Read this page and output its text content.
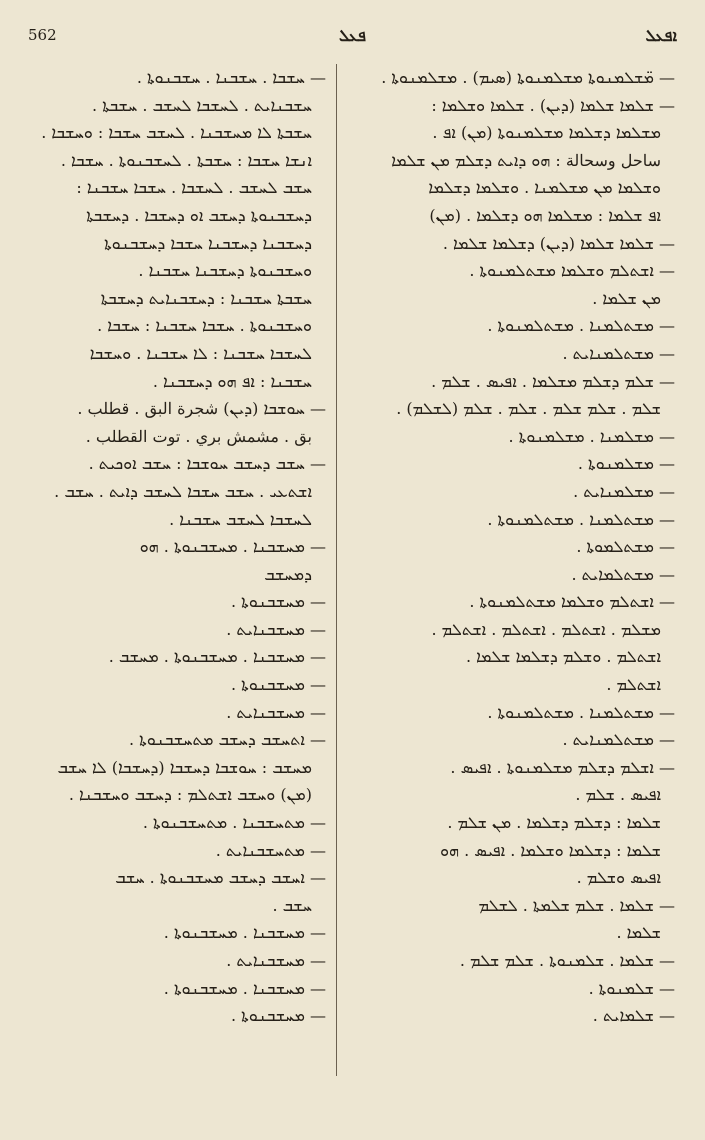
562	ܦܥܠ	ܐܦܥܠ

— ܡ̈ܫܠܡܢܘܬܐ ܡܫܠܡܢܘܬܐ (ܣܝܡ) . ܡܫܠܡܢܘܬܐ .

— ܫܠܡܐ ܫܠܡܐ (ܕܝܢ) . ܫܠܡܐ ܘܫܠܡܐ :

ܡܫܠܡܐ ܕܫܠܡܐ ܡܫܠܡܢܘܬܐ (ܡܢ) ܐܦ .

ساحل وسحالة : ܗܘ ܕܐܝܬ ܕܫܠܡ ܡܢ ܫܠܡܐ

ܘܫܠܡܐ ܡܢ ܡܫܠܡܢܐ . ܘܫܠܡܐ ܕܫܠܡܐ

ܐܦ ܫܠܡܐ : ܡܫܠܡܐ ܗܘ ܕܫܠܡܐ . (ܡܢ)

— ܫܠܡܐ ܫܠܡܐ (ܕܝܢ) ܕܫܠܡܐ ܫܠܡܐ .

— ܐܫܬܠܡ ܘܫܠܡܐ ܡܫܬܠܡܢܘܬܐ .

ܡܢ ܫܠܡܐ .

— ܡܫܬܠܡܢܐ . ܡܫܬܠܡܢܘܬܐ .

— ܡܫܬܠܡܢܐܝܬ .

— ܫܠܡ ܕܫܠܡ ܡܫܠܡܐ . ܐܦܝܣ . ܫܠܡ .

ܫܠܡ . ܫܠܡ ܫܠܡ . ܫܠܡ . ܫܠܡ (ܠܫܠܡ) .

— ܡܫܠܡܢܐ . ܡܫܠܡܢܘܬܐ .

— ܡܫܠܡܢܘܬܐ .

— ܡܫܠܡܢܐܝܬ .

— ܡܫܬܠܡܢܐ . ܡܫܬܠܡܢܘܬܐ .

— ܡܫܬܠܡܘܬܐ .

— ܡܫܬܠܡܐܝܬ .

— ܐܫܬܠܡ ܘܫܠܡܐ ܡܫܬܠܡܢܘܬܐ .

ܡܫܠܡ . ܐܫܬܠܡ . ܐܫܬܠܡ . ܐܫܬܠܡ .

ܐܫܬܠܡ . ܘܫܠܡ ܕܫܠܡܐ ܫܠܡܐ .

ܐܫܬܠܡ .

— ܡܫܬܠܡܢܐ . ܡܫܬܠܡܢܘܬܐ .

— ܡܫܬܠܡܢܐܝܬ .

— ܐܫܠܡ ܕܫܠܡ ܡܫܠܡܢܘܬܐ . ܐܦܝܣ .

ܐܦܝܣ . ܫܠܡ .

ܫܠܡܐ : ܕܫܠܡ ܕܫܠܡܐ . ܡܢ ܫܠܡ .

ܫܠܡܐ : ܕܫܠܡܐ ܘܫܠܡܐ . ܐܦܝܣ . ܗܘ

ܐܦܝܣ ܘܫܠܡ .

— ܫܠܡܐ . ܫܠܡ ܫܠܡܬܐ . ܠܫܠܡ

ܫܠܡܐ .

— ܫܠܡܐ . ܫܠܡܢܘܬܐ . ܫܠܡ ܫܠܡ .

— ܫܠܡܢܘܬܐ .

— ܫܠܡܐܝܬ .

— ܚܫܒܐ . ܚܫܒܢܐ . ܚܫܒܢܘܬܐ .

ܚܫܒܢܐܝܬ . ܠܚܫܒܐ ܠܚܫܒ . ܚܫܒܬܐ .

ܚܫܒܬܐ ܠܐ ܡܚܫܒܢܐ . ܠܚܫܒ ܚܫܒܐ : ܘܚܫܒܐ .

ܐܢܫܐ ܚܫܒܐ : ܚܫܒܬܐ . ܠܚܫܒܢܘܬܐ . ܚܫܒܐ .

ܚܫܒ ܠܚܫܒ . ܠܚܫܒܐ . ܚܫܒܐ ܚܫܒܢܐ :

ܕܚܫܒܢܘܬܐ ܕܚܫܒ ܐܘ ܕܚܫܒܐ . ܕܚܫܒܬܐ

ܕܚܫܒܢܐ ܕܚܫܒܢܐ ܚܫܒܐ ܕܚܫܒܢܘܬܐ

ܘܚܫܒܢܘܬܐ ܕܚܫܒܢܐ ܚܫܒܢܐ .

ܚܫܒܬܐ ܚܫܒܢܐ : ܕܚܫܒܢܐܝܬ ܕܚܫܒܬܐ

ܘܚܫܒܢܘܬܐ . ܚܫܒܐ ܚܫܒܢܐ : ܚܫܒܐ .

ܠܚܫܒܐ ܚܫܒܢܐ : ܠܐ ܚܫܒܢܐ . ܘܚܫܒܐ

ܚܫܒܢܐ : ܐܦ ܗܘ ܕܚܫܒܢܐ .

— ܚܘܫܒܐ (ܕܝܢ) شجرة البق . قطلب .

بق . مشمش بري . توت القطلب .

— ܚܫܒ ܕܚܫܒ ܚܘܫܒܐ : ܚܫܒ ܐܘܟܝܬ .

ܐܫܬܥܝ . ܚܫܒ ܚܫܒܐ ܠܚܫܒ ܕܐܝܬ . ܚܫܒ .

ܠܚܫܒܐ ܠܚܫܒ ܚܫܒܢܐ .

— ܡܚܫܒܢܐ . ܡܚܫܒܢܘܬܐ . ܗܘ

ܕܡܚܫܒ

— ܡܚܫܒܢܘܬܐ .

— ܡܚܫܒܢܐܝܬ .

— ܡܚܫܒܢܐ . ܡܚܫܒܢܘܬܐ . ܡܚܫܒ .

— ܡܚܫܒܢܘܬܐ .

— ܡܚܫܒܢܐܝܬ .

— ܐܬܚܫܒ ܕܚܫܒ ܡܬܚܫܒܢܘܬܐ .

ܡܚܫܒ : ܚܘܫܒܐ ܕܚܫܒܐ (ܕܚܫܒܐ) ܠܐ ܚܫܒ

(ܡܢ) ܘܚܫܒ ܐܫܬܠܡ : ܕܚܫܒ ܘܚܫܒܢܐ .

— ܡܬܚܫܒܢܐ . ܡܬܚܫܒܢܘܬܐ .

— ܡܬܚܫܒܢܐܝܬ .

— ܐܚܫܒ ܕܚܫܒ ܡܚܫܒܢܘܬܐ . ܚܫܒ

ܚܫܒ .

— ܡܚܫܒܢܐ . ܡܚܫܒܢܘܬܐ .

— ܡܚܫܒܢܐܝܬ .

— ܡܚܫܒܢܐ . ܡܚܫܒܢܘܬܐ .

— ܡܚܫܒܢܘܬܐ .
